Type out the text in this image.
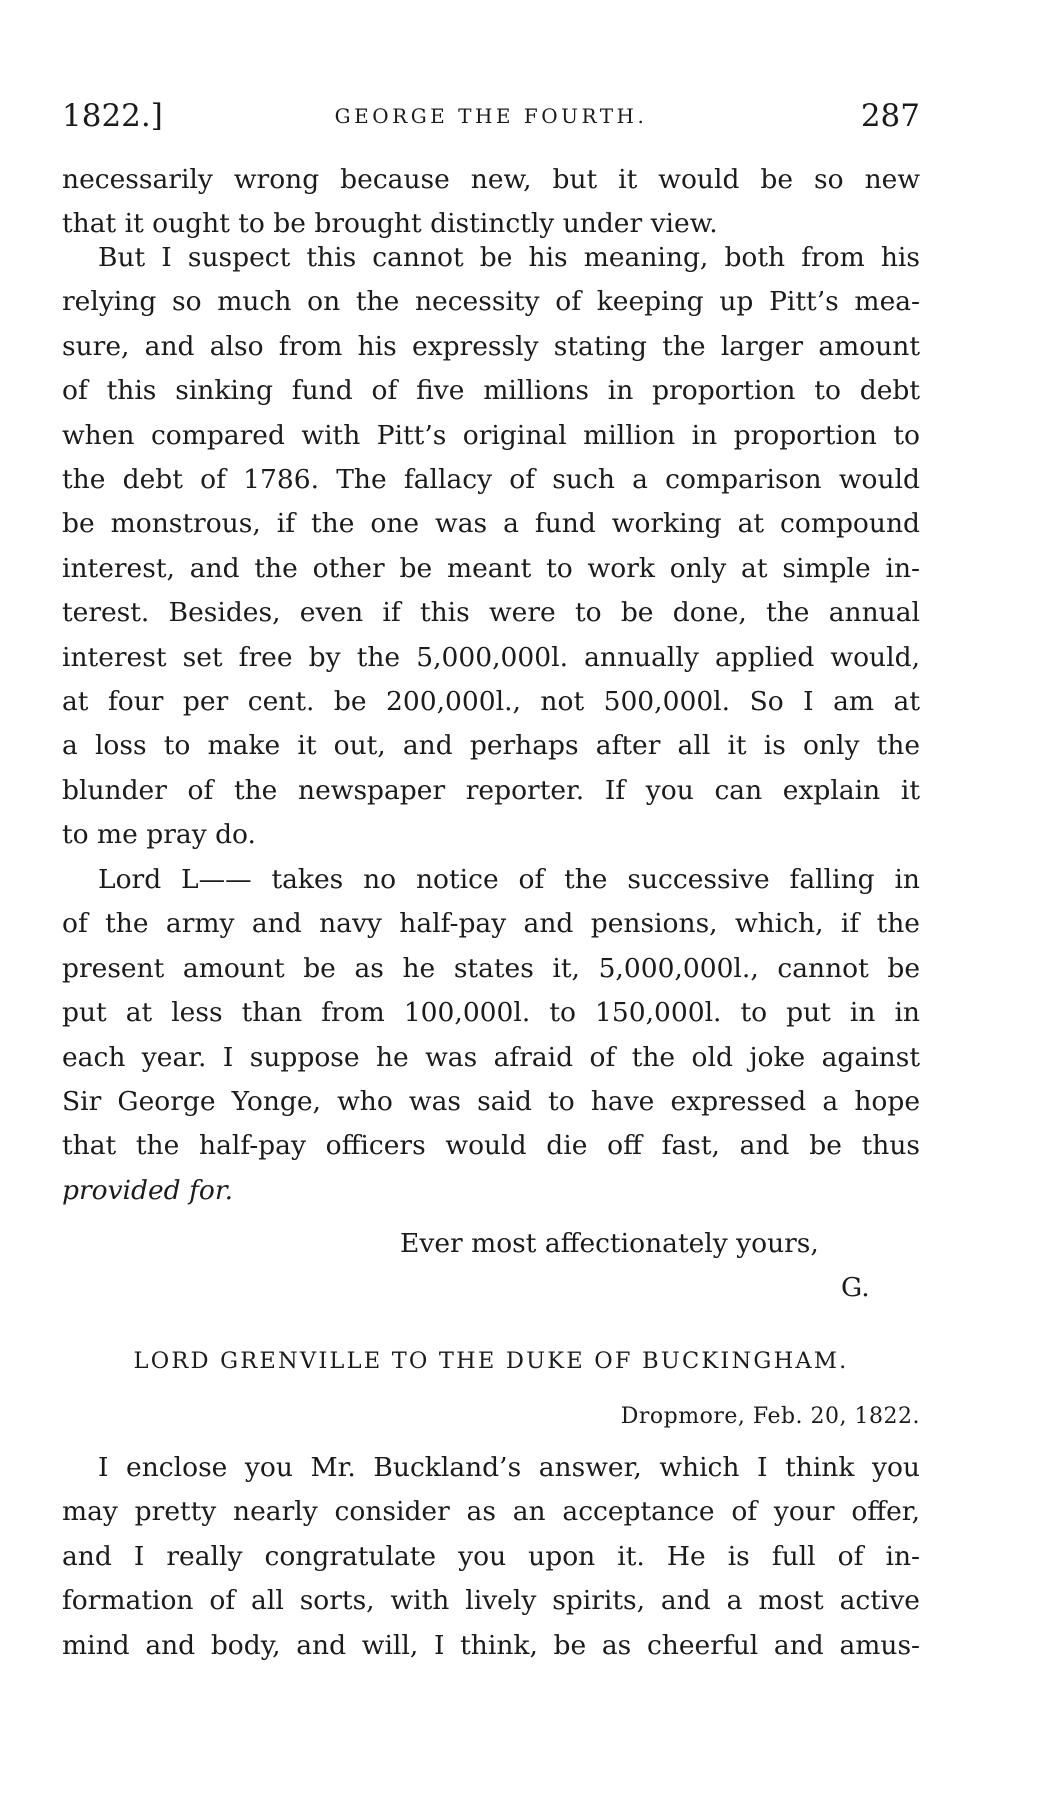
1822.]	GEORGE THE FOURTH.	287
necessarily wrong because new, but it would be so new
that it ought to be brought distinctly under view.
But I suspect this cannot be his meaning, both from his
relying so much on the necessity of keeping up Pitt’s mea-
sure, and also from his expressly stating the larger amount
of this sinking fund of five millions in proportion to debt
when compared with Pitt’s original million in proportion to
the debt of 1786. The fallacy of such a comparison would
be monstrous, if the one was a fund working at compound
interest, and the other be meant to work only at simple in-
terest. Besides, even if this were to be done, the annual
interest set free by the 5,000,000l. annually applied would,
at four per cent. be 200,000l., not 500,000l. So I am at
a loss to make it out, and perhaps after all it is only the
blunder of the newspaper reporter. If you can explain it
to me pray do.
Lord L—— takes no notice of the successive falling in
of the army and navy half-pay and pensions, which, if the
present amount be as he states it, 5,000,000l., cannot be
put at less than from 100,000l. to 150,000l. to put in in
each year. I suppose he was afraid of the old joke against
Sir George Yonge, who was said to have expressed a hope
that the half-pay officers would die off fast, and be thus
provided for.
Ever most affectionately yours,
G.
LORD GRENVILLE TO THE DUKE OF BUCKINGHAM.
Dropmore, Feb. 20, 1822.
I enclose you Mr. Buckland’s answer, which I think you
may pretty nearly consider as an acceptance of your offer,
and I really congratulate you upon it. He is full of in-
formation of all sorts, with lively spirits, and a most active
mind and body, and will, I think, be as cheerful and amus-
